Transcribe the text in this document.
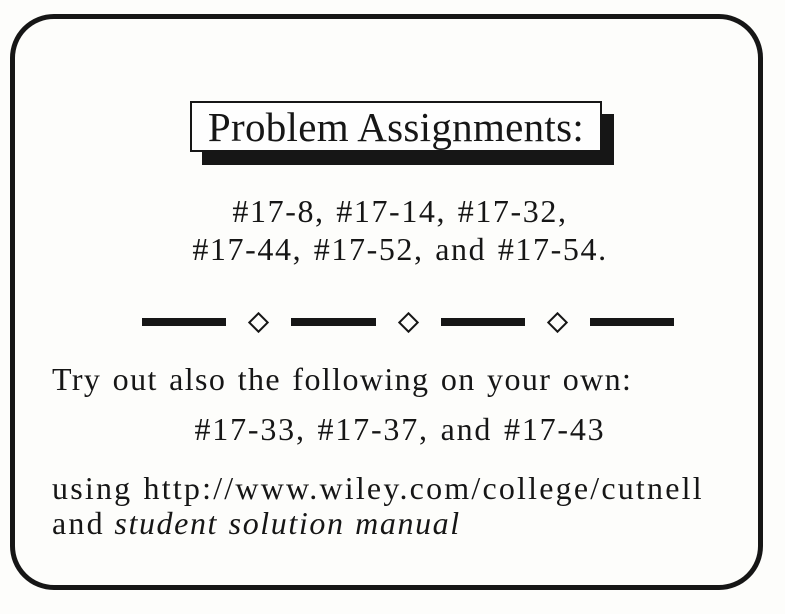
Problem Assignments:
#17-8, #17-14, #17-32,
#17-44, #17-52, and #17-54.
Try out also the following on your own:
#17-33, #17-37, and #17-43
using http://www.wiley.com/college/cutnell
and student solution manual
